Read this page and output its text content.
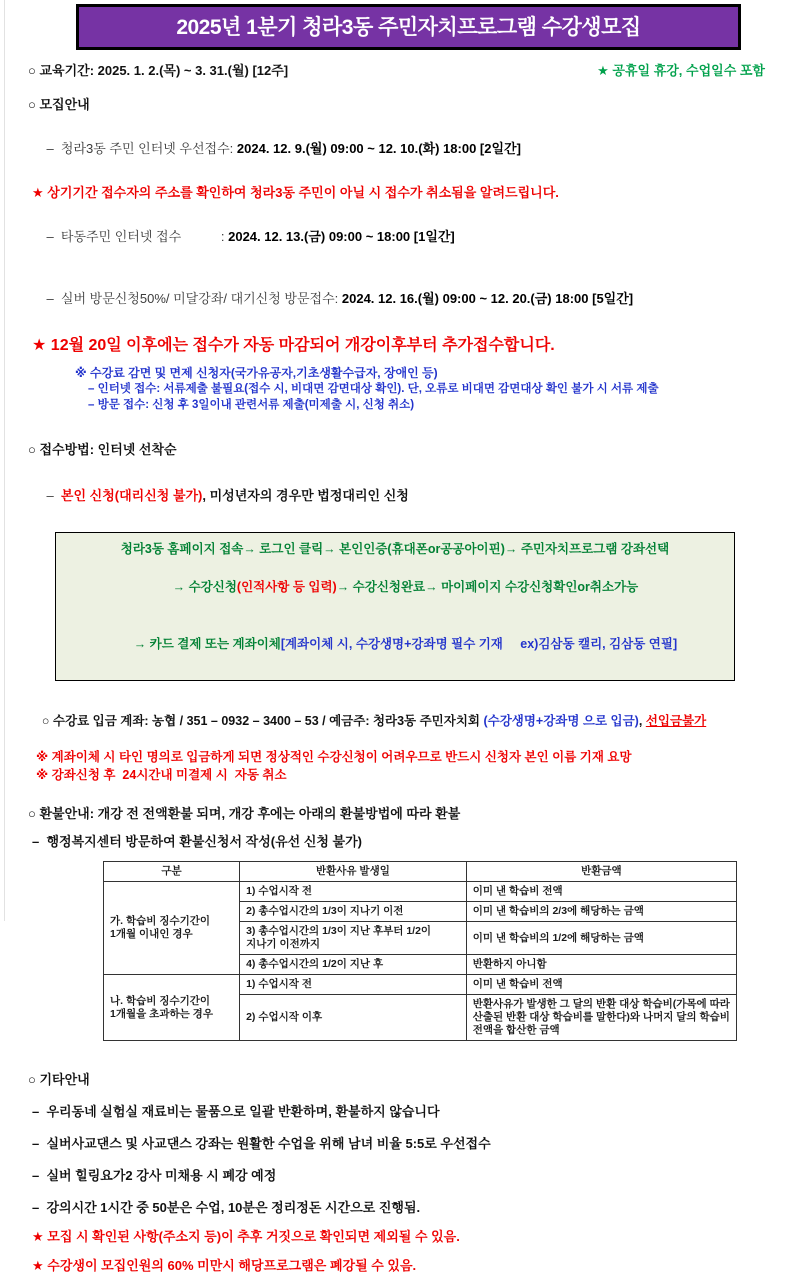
2025년 1분기 청라3동 주민자치프로그램 수강생모집
○ 교육기간: 2025. 1. 2.(목) ~ 3. 31.(월) [12주]	★ 공휴일 휴강, 수업일수 포함
○ 모집안내

–  청라3동 주민 인터넷 우선접수: 2024. 12. 9.(월) 09:00 ~ 12. 10.(화) 18:00 [2일간]

★ 상기기간 접수자의 주소를 확인하여 청라3동 주민이 아닐 시 접수가 취소됨을 알려드립니다.

–  타동주민 인터넷 접수           : 2024. 12. 13.(금) 09:00 ~ 18:00 [1일간]

–  실버 방문신청50%/ 미달강좌/ 대기신청 방문접수: 2024. 12. 16.(월) 09:00 ~ 12. 20.(금) 18:00 [5일간]

★ 12월 20일 이후에는 접수가 자동 마감되어 개강이후부터 추가접수합니다.
※ 수강료 감면 및 면제 신청자(국가유공자,기초생활수급자, 장애인 등)
– 인터넷 접수: 서류제출 불필요(접수 시, 비대면 감면대상 확인). 단, 오류로 비대면 감면대상 확인 불가 시 서류 제출
– 방문 접수: 신청 후 3일이내 관련서류 제출(미제출 시, 신청 취소)
○ 접수방법: 인터넷 선착순

–  본인 신청(대리신청 불가), 미성년자의 경우만 법정대리인 신청

청라3동 홈페이지 접속→ 로그인 클릭→ 본인인증(휴대폰or공공아이핀)→ 주민자치프로그램 강좌선택

→ 수강신청(인적사항 등 입력)→ 수강신청완료→ 마이페이지 수강신청확인or취소가능

→ 카드 결제 또는 계좌이체[계좌이체 시, 수강생명+강좌명 필수 기재     ex)김삼동 캘리, 김삼동 연필]

○ 수강료 입금 계좌: 농협 / 351 – 0932 – 3400 – 53 / 예금주: 청라3동 주민자치회 (수강생명+강좌명 으로 입금), 선입금불가

※ 계좌이체 시 타인 명의로 입금하게 되면 정상적인 수강신청이 어려우므로 반드시 신청자 본인 이름 기재 요망
※ 강좌신청 후  24시간내 미결제 시  자동 취소
○ 환불안내: 개강 전 전액환불 되며, 개강 후에는 아래의 환불방법에 따라 환불
–  행정복지센터 방문하여 환불신청서 작성(유선 신청 불가)
구분	반환사유 발생일	반환금액
가. 학습비 징수기간이 1개월 이내인 경우	1) 수업시작 전	이미 낸 학습비 전액
	2) 총수업시간의 1/3이 지나기 이전	이미 낸 학습비의 2/3에 해당하는 금액
	3) 총수업시간의 1/3이 지난 후부터 1/2이 지나기 이전까지	이미 낸 학습비의 1/2에 해당하는 금액
	4) 총수업시간의 1/2이 지난 후	반환하지 아니함
나. 학습비 징수기간이 1개월을 초과하는 경우	1) 수업시작 전	이미 낸 학습비 전액
	2) 수업시작 이후	반환사유가 발생한 그 달의 반환 대상 학습비(가목에 따라 산출된 반환 대상 학습비를 말한다)와 나머지 달의 학습비 전액을 합산한 금액
○ 기타안내
–  우리동네 실험실 재료비는 물품으로 일괄 반환하며, 환불하지 않습니다
–  실버사교댄스 및 사교댄스 강좌는 원활한 수업을 위해 남녀 비율 5:5로 우선접수
–  실버 힐링요가2 강사 미채용 시 폐강 예정
–  강의시간 1시간 중 50분은 수업, 10분은 정리정돈 시간으로 진행됨.
★ 모집 시 확인된 사항(주소지 등)이 추후 거짓으로 확인되면 제외될 수 있음.
★ 수강생이 모집인원의 60% 미만시 해당프로그램은 폐강될 수 있음.
